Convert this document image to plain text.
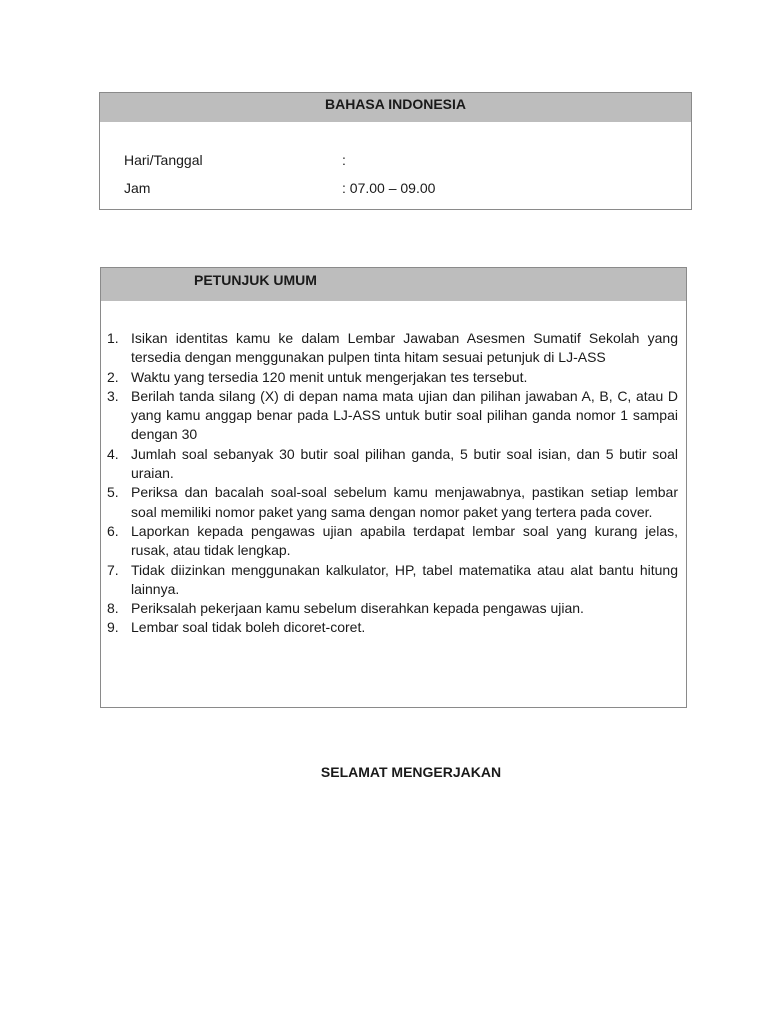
BAHASA INDONESIA
Hari/Tanggal	:
Jam	: 07.00 – 09.00
PETUNJUK UMUM
1. Isikan identitas kamu ke dalam Lembar Jawaban Asesmen Sumatif Sekolah yang tersedia dengan menggunakan pulpen tinta hitam sesuai petunjuk di LJ-ASS
2. Waktu yang tersedia 120 menit untuk mengerjakan tes tersebut.
3. Berilah tanda silang (X) di depan nama mata ujian dan pilihan jawaban A, B, C, atau D yang kamu anggap benar pada LJ-ASS untuk butir soal pilihan ganda nomor 1 sampai dengan 30
4. Jumlah soal sebanyak 30 butir soal pilihan ganda, 5 butir soal isian, dan 5 butir soal uraian.
5. Periksa dan bacalah soal-soal sebelum kamu menjawabnya, pastikan setiap lembar soal memiliki nomor paket yang sama dengan nomor paket yang tertera pada cover.
6. Laporkan kepada pengawas ujian apabila terdapat lembar soal yang kurang jelas, rusak, atau tidak lengkap.
7. Tidak diizinkan menggunakan kalkulator, HP, tabel matematika atau alat bantu hitung lainnya.
8. Periksalah pekerjaan kamu sebelum diserahkan kepada pengawas ujian.
9. Lembar soal tidak boleh dicoret-coret.
SELAMAT MENGERJAKAN
